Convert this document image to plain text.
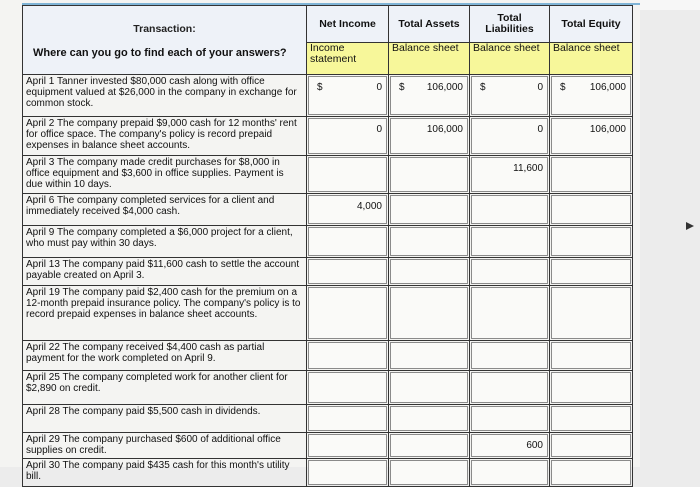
Transaction:
Where can you go to find each of your answers?	Net Income	Total Assets	Total
Liabilities	Total Equity
	Income
statement	Balance sheet	Balance sheet	Balance sheet
April 1 Tanner invested $80,000 cash along with office equipment valued at $26,000 in the company in exchange for common stock.	$ 0	$ 106,000	$ 0	$ 106,000

April 2 The company prepaid $9,000 cash for 12 months' rent for office space. The company's policy is record prepaid expenses in balance sheet accounts.	0	106,000	0	106,000

April 3 The company made credit purchases for $8,000 in office equipment and $3,600 in office supplies. Payment is due within 10 days.			11,600	

April 6 The company completed services for a client and immediately received $4,000 cash.	4,000			

April 9 The company completed a $6,000 project for a client, who must pay within 30 days.	

April 13 The company paid $11,600 cash to settle the account payable created on April 3.	

April 19 The company paid $2,400 cash for the premium on a 12-month prepaid insurance policy. The company's policy is to record prepaid expenses in balance sheet accounts.	

April 22 The company received $4,400 cash as partial payment for the work completed on April 9.	

April 25 The company completed work for another client for $2,890 on credit.	

April 28 The company paid $5,500 cash in dividends.	

April 29 The company purchased $600 of additional office supplies on credit.			600	

April 30 The company paid $435 cash for this month's utility bill.	
